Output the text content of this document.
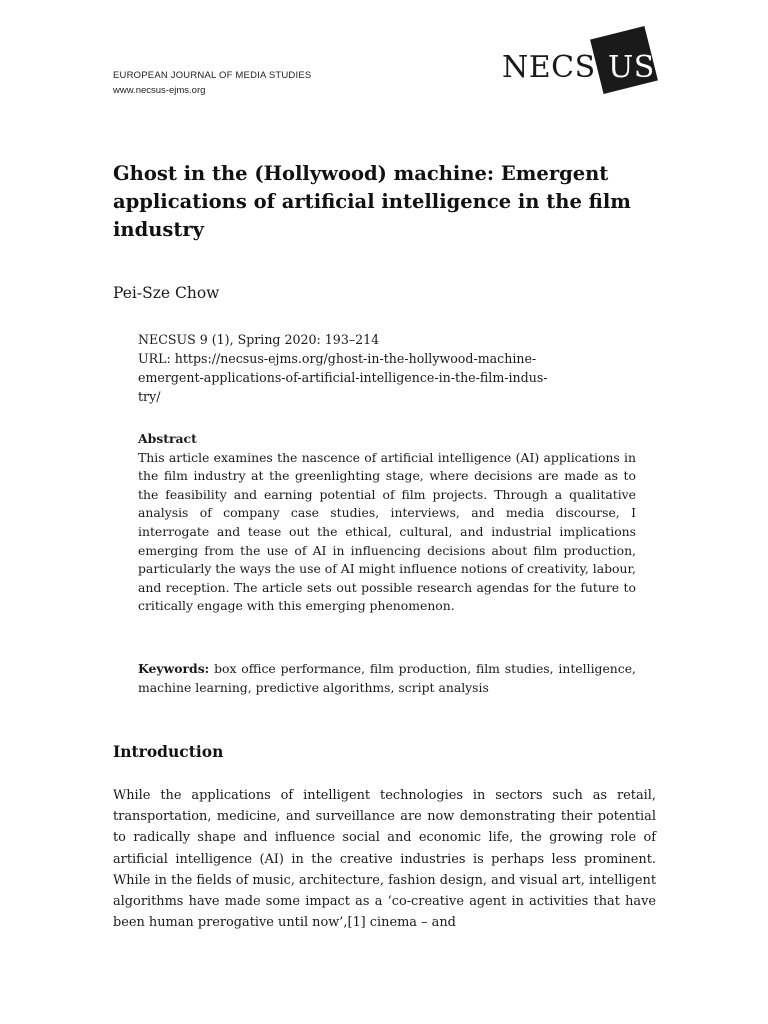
EUROPEAN JOURNAL OF MEDIA STUDIES
www.necsus-ejms.org
NECS US
Ghost in the (Hollywood) machine: Emergent applications of artificial intelligence in the film industry
Pei-Sze Chow
NECSUS 9 (1), Spring 2020: 193–214
URL: https://necsus-ejms.org/ghost-in-the-hollywood-machine-
emergent-applications-of-artificial-intelligence-in-the-film-indus-
try/
Abstract
This article examines the nascence of artificial intelligence (AI) applications in the film industry at the greenlighting stage, where decisions are made as to the feasibility and earning potential of film projects. Through a qualitative analysis of company case studies, interviews, and media discourse, I interrogate and tease out the ethical, cultural, and industrial implications emerging from the use of AI in influencing decisions about film production, particularly the ways the use of AI might influence notions of creativity, labour, and reception. The article sets out possible research agendas for the future to critically engage with this emerging phenomenon.
Keywords: box office performance, film production, film studies, intelligence, machine learning, predictive algorithms, script analysis
Introduction
While the applications of intelligent technologies in sectors such as retail, transportation, medicine, and surveillance are now demonstrating their potential to radically shape and influence social and economic life, the growing role of artificial intelligence (AI) in the creative industries is perhaps less prominent. While in the fields of music, architecture, fashion design, and visual art, intelligent algorithms have made some impact as a ‘co-creative agent in activities that have been human prerogative until now’,[1] cinema – and
